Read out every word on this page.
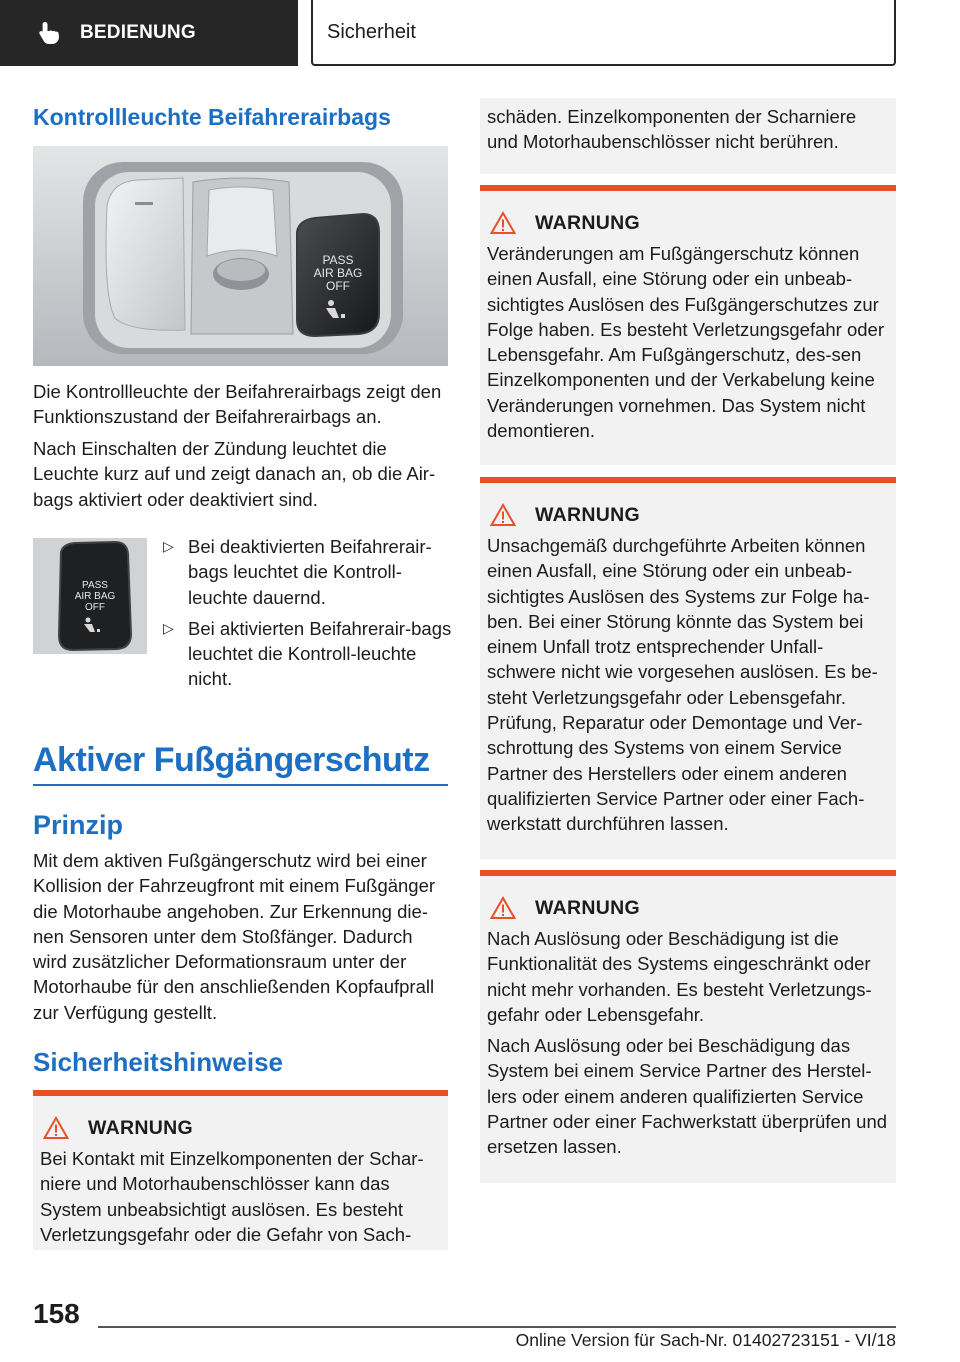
BEDIENUNG	Sicherheit
Kontrollleuchte Beifahrerairbags
PASS
AIR BAG
OFF

Die Kontrollleuchte der Beifahrerairbags zeigt den Funktionszustand der Beifahrerairbags an.

Nach Einschalten der Zündung leuchtet die Leuchte kurz auf und zeigt danach an, ob die Air-bags aktiviert oder deaktiviert sind.

PASS
AIR BAG
OFF
▷ Bei deaktivierten Beifahrerair-bags leuchtet die Kontroll-leuchte dauernd.
▷ Bei aktivierten Beifahrerair-bags leuchtet die Kontroll-leuchte nicht.
Aktiver Fußgängerschutz
Prinzip

Mit dem aktiven Fußgängerschutz wird bei einer Kollision der Fahrzeugfront mit einem Fußgänger die Motorhaube angehoben. Zur Erkennung die-nen Sensoren unter dem Stoßfänger. Dadurch wird zusätzlicher Deformationsraum unter der Motorhaube für den anschließenden Kopfaufprall zur Verfügung gestellt.

Sicherheitshinweise
WARNUNG

Bei Kontakt mit Einzelkomponenten der Schar-niere und Motorhaubenschlösser kann das System unbeabsichtigt auslösen. Es besteht Verletzungsgefahr oder die Gefahr von Sach-

schäden. Einzelkomponenten der Scharniere und Motorhaubenschlösser nicht berühren.

WARNUNG

Veränderungen am Fußgängerschutz können einen Ausfall, eine Störung oder ein unbeab-sichtigtes Auslösen des Fußgängerschutzes zur Folge haben. Es besteht Verletzungsgefahr oder Lebensgefahr. Am Fußgängerschutz, des-sen Einzelkomponenten und der Verkabelung keine Veränderungen vornehmen. Das System nicht demontieren.

WARNUNG

Unsachgemäß durchgeführte Arbeiten können einen Ausfall, eine Störung oder ein unbeab-sichtigtes Auslösen des Systems zur Folge ha-ben. Bei einer Störung könnte das System bei einem Unfall trotz entsprechender Unfall-schwere nicht wie vorgesehen auslösen. Es be-steht Verletzungsgefahr oder Lebensgefahr. Prüfung, Reparatur oder Demontage und Ver-schrottung des Systems von einem Service Partner des Herstellers oder einem anderen qualifizierten Service Partner oder einer Fach-werkstatt durchführen lassen.

WARNUNG

Nach Auslösung oder Beschädigung ist die Funktionalität des Systems eingeschränkt oder nicht mehr vorhanden. Es besteht Verletzungs-gefahr oder Lebensgefahr.

Nach Auslösung oder bei Beschädigung das System bei einem Service Partner des Herstel-lers oder einem anderen qualifizierten Service Partner oder einer Fachwerkstatt überprüfen und ersetzen lassen.

158
Online Version für Sach-Nr. 01402723151 - VI/18
